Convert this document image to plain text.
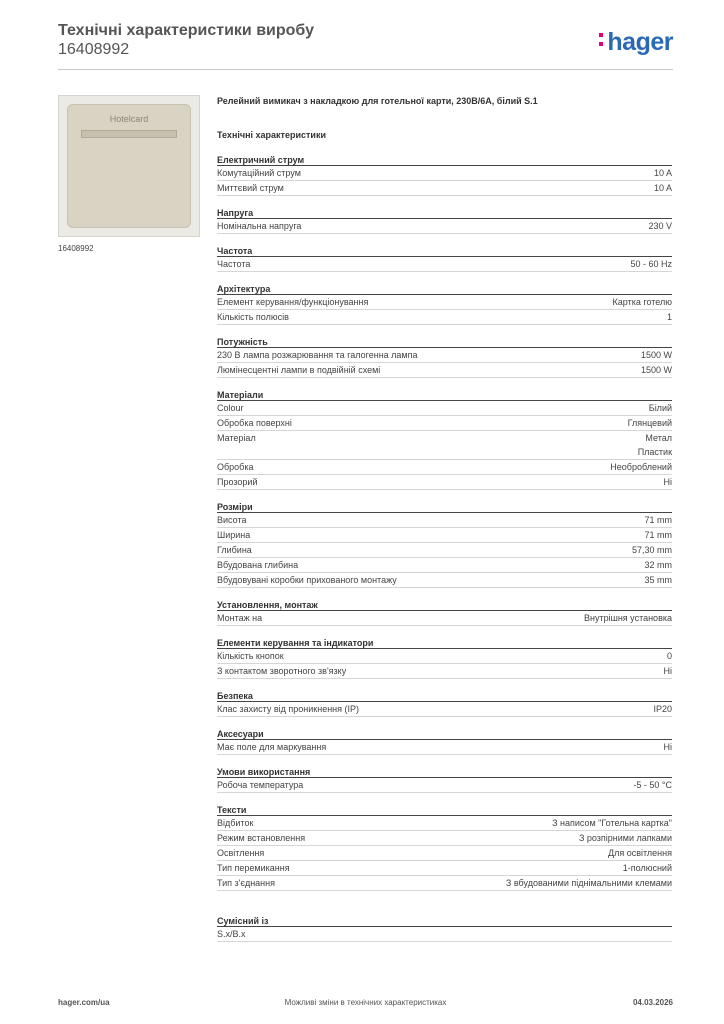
Технічні характеристики виробу
16408992	hager
Hotelcard
16408992
Релейний вимикач з накладкою для готельної карти, 230В/6А, білий S.1
Технічні характеристики
Електричний струм
Комутаційний струм	10 A
Миттєвий струм	10 A
Напруга
Номінальна напруга	230 V
Частота
Частота	50 - 60 Hz
Архітектура
Елемент керування/функціонування	Картка готелю
Кількість полюсів	1
Потужність
230 В лампа розжарювання та галогенна лампа	1500 W
Люмінесцентні лампи в подвійній схемі	1500 W
Матеріали
Colour	Білий
Обробка поверхні	Глянцевий
Матеріал	Метал
Пластик
Обробка	Необроблений
Прозорий	Ні
Розміри
Висота	71 mm
Ширина	71 mm
Глибина	57,30 mm
Вбудована глибина	32 mm
Вбудовувані коробки прихованого монтажу	35 mm
Установлення, монтаж
Монтаж на	Внутрішня установка
Елементи керування та індикатори
Кількість кнопок	0
З контактом зворотного зв'язку	Ні
Безпека
Клас захисту від проникнення (IP)	IP20
Аксесуари
Має поле для маркування	Ні
Умови використання
Робоча температура	-5 - 50 °C
Тексти
Відбиток	З написом "Готельна картка"
Режим встановлення	З розпірними лапками
Освітлення	Для освітлення
Тип перемикання	1-полюсний
Тип з'єднання	З вбудованими піднімальними клемами
Сумісний із
S.x/B.x
hager.com/ua	Можливі зміни в технічних характеристиках	04.03.2026
